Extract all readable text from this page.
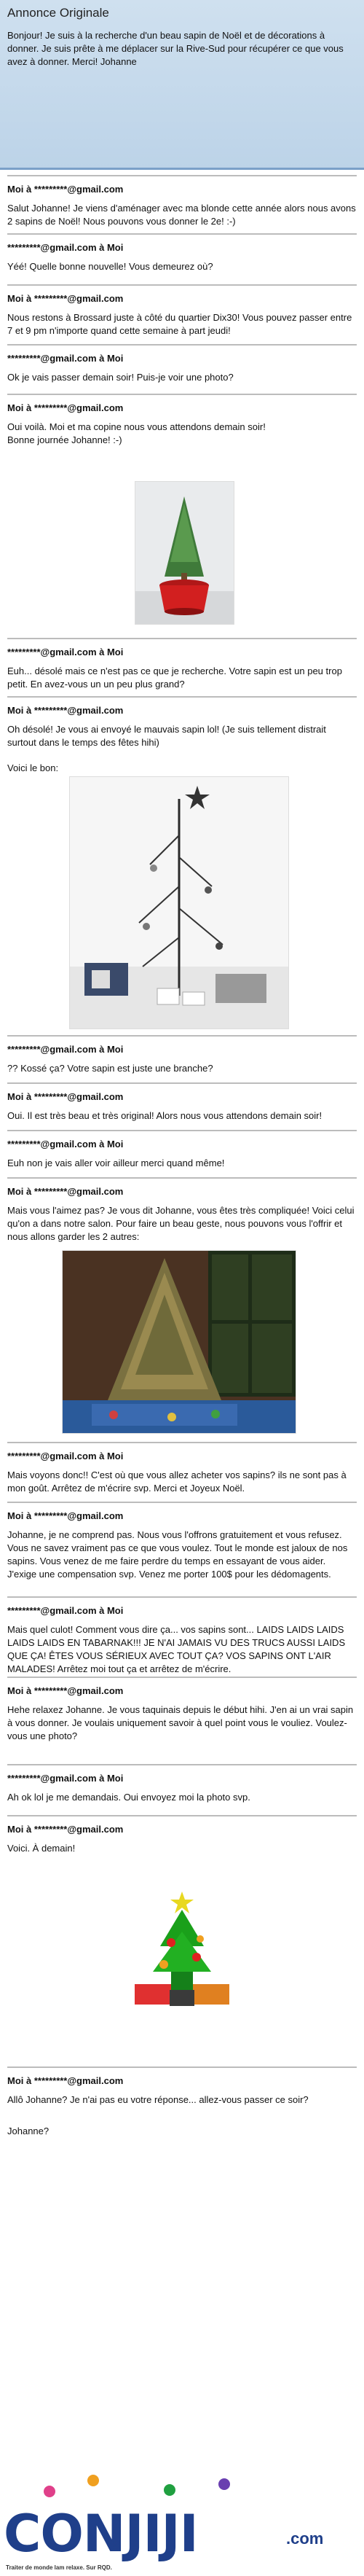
Annonce Originale
Bonjour! Je suis à la recherche d'un beau sapin de Noël et de décorations à donner. Je suis prête à me déplacer sur la Rive-Sud pour récupérer ce que vous avez à donner. Merci! Johanne
Moi à *********@gmail.com
Salut Johanne! Je viens d'aménager avec ma blonde cette année alors nous avons 2 sapins de Noël! Nous pouvons vous donner le 2e! :-)
*********@gmail.com à Moi
Yéé! Quelle bonne nouvelle! Vous demeurez où?
Moi à *********@gmail.com
Nous restons à Brossard juste à côté du quartier Dix30! Vous pouvez passer entre 7 et 9 pm n'importe quand cette semaine à part jeudi!
*********@gmail.com à Moi
Ok je vais passer demain soir! Puis-je voir une photo?
Moi à *********@gmail.com
Oui voilà. Moi et ma copine nous vous attendons demain soir!
Bonne journée Johanne! :-)
*********@gmail.com à Moi
Euh... désolé mais ce n'est pas ce que je recherche. Votre sapin est un peu trop petit. En avez-vous un un peu plus grand?
Moi à *********@gmail.com
Oh désolé! Je vous ai envoyé le mauvais sapin lol! (Je suis tellement distrait surtout dans le temps des fêtes hihi)
Voici le bon:
*********@gmail.com à Moi
?? Kossé ça? Votre sapin est juste une branche?
Moi à *********@gmail.com
Oui. Il est très beau et très original! Alors nous vous attendons demain soir!
*********@gmail.com à Moi
Euh non je vais aller voir ailleur merci quand même!
Moi à *********@gmail.com
Mais vous l'aimez pas? Je vous dit Johanne, vous êtes très compliquée! Voici celui qu'on a dans notre salon. Pour faire un beau geste, nous pouvons vous l'offrir et nous allons garder les 2 autres:
*********@gmail.com à Moi
Mais voyons donc!! C'est où que vous allez acheter vos sapins? ils ne sont pas à mon goût. Arrêtez de m'écrire svp. Merci et Joyeux Noël.
Moi à *********@gmail.com
Johanne, je ne comprend pas. Nous vous l'offrons gratuitement et vous refusez. Vous ne savez vraiment pas ce que vous voulez. Tout le monde est jaloux de nos sapins. Vous venez de me faire perdre du temps en essayant de vous aider. J'exige une compensation svp. Venez me porter 100$ pour les dédomagents.
*********@gmail.com à Moi
Mais quel culot! Comment vous dire ça... vos sapins sont... LAIDS LAIDS LAIDS LAIDS LAIDS EN TABARNAK!!! JE N'AI JAMAIS VU DES TRUCS AUSSI LAIDS QUE ÇA! ÊTES VOUS SÉRIEUX AVEC TOUT ÇA? VOS SAPINS ONT L'AIR MALADES! Arrêtez moi tout ça et arrêtez de m'écrire.
Moi à *********@gmail.com
Hehe relaxez Johanne. Je vous taquinais depuis le début hihi. J'en ai un vrai sapin à vous donner. Je voulais uniquement savoir à quel point vous le vouliez. Voulez-vous une photo?
*********@gmail.com à Moi
Ah ok lol je me demandais. Oui envoyez moi la photo svp.
Moi à *********@gmail.com
Voici. À demain!
Moi à *********@gmail.com
Allô Johanne? Je n'ai pas eu votre réponse... allez-vous passer ce soir?
Johanne?
CONJIJI	.com
Traiter de monde lam relaxe. Sur RQD.
